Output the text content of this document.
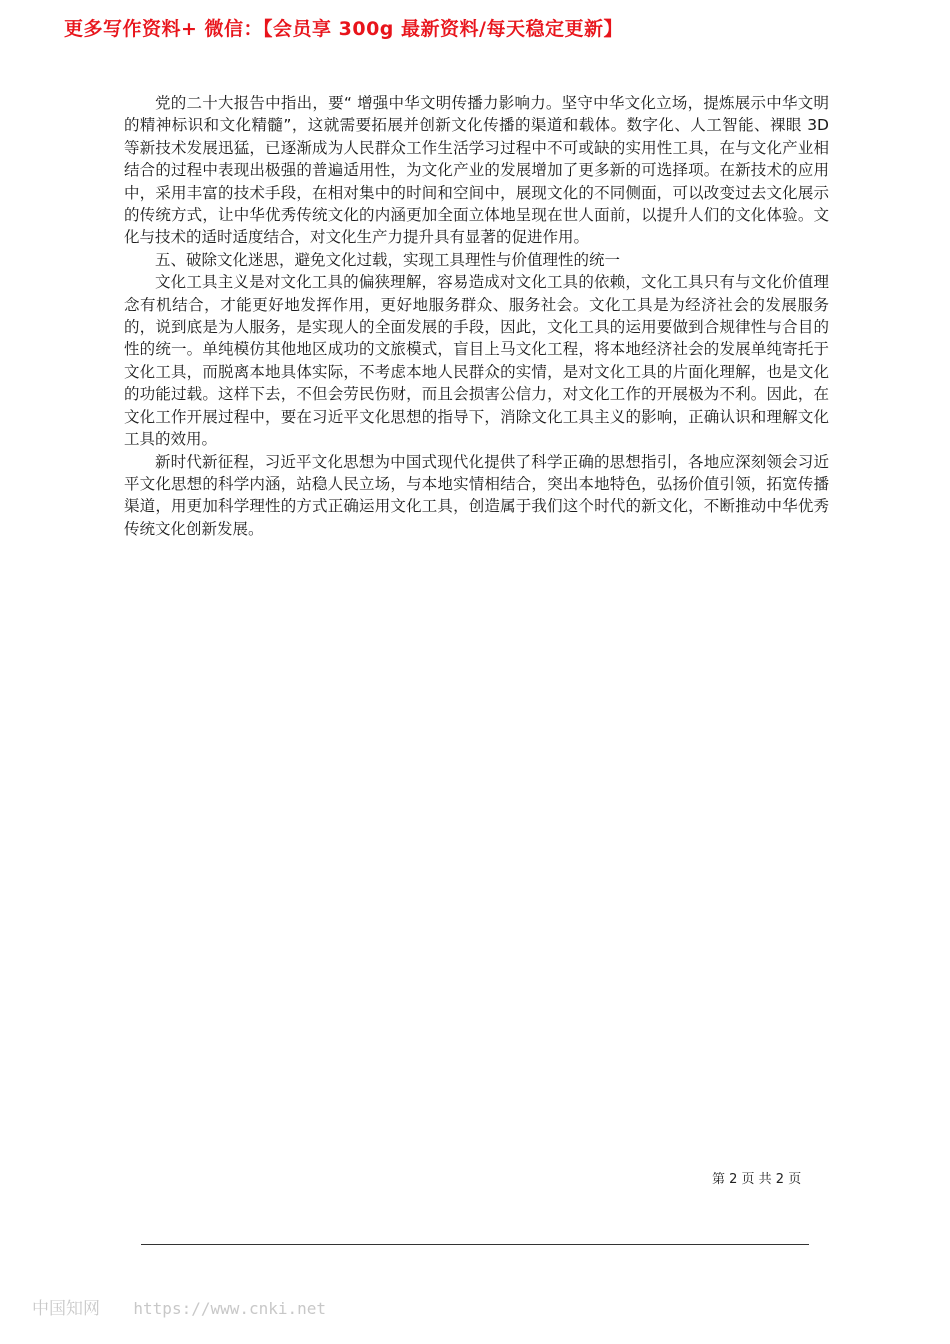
更多写作资料+ 微信：【会员享 300g 最新资料/每天稳定更新】

党的二十大报告中指出，要“ 增强中华文明传播力影响力。坚守中华文化立场，提炼展示中华文明的精神标识和文化精髓”，这就需要拓展并创新文化传播的渠道和载体。数字化、人工智能、裸眼 3D 等新技术发展迅猛，已逐渐成为人民群众工作生活学习过程中不可或缺的实用性工具，在与文化产业相结合的过程中表现出极强的普遍适用性，为文化产业的发展增加了更多新的可选择项。在新技术的应用中，采用丰富的技术手段，在相对集中的时间和空间中，展现文化的不同侧面，可以改变过去文化展示的传统方式，让中华优秀传统文化的内涵更加全面立体地呈现在世人面前，以提升人们的文化体验。文化与技术的适时适度结合，对文化生产力提升具有显著的促进作用。

五、破除文化迷思，避免文化过载，实现工具理性与价值理性的统一

文化工具主义是对文化工具的偏狭理解，容易造成对文化工具的依赖，文化工具只有与文化价值理念有机结合，才能更好地发挥作用，更好地服务群众、服务社会。文化工具是为经济社会的发展服务的，说到底是为人服务，是实现人的全面发展的手段，因此，文化工具的运用要做到合规律性与合目的性的统一。单纯模仿其他地区成功的文旅模式，盲目上马文化工程，将本地经济社会的发展单纯寄托于文化工具，而脱离本地具体实际，不考虑本地人民群众的实情，是对文化工具的片面化理解，也是文化的功能过载。这样下去，不但会劳民伤财，而且会损害公信力，对文化工作的开展极为不利。因此，在文化工作开展过程中，要在习近平文化思想的指导下，消除文化工具主义的影响，正确认识和理解文化工具的效用。

新时代新征程，习近平文化思想为中国式现代化提供了科学正确的思想指引，各地应深刻领会习近平文化思想的科学内涵，站稳人民立场，与本地实情相结合，突出本地特色，弘扬价值引领，拓宽传播渠道，用更加科学理性的方式正确运用文化工具，创造属于我们这个时代的新文化，不断推动中华优秀传统文化创新发展。

第 2 页 共 2 页
中国知网 https://www.cnki.net
